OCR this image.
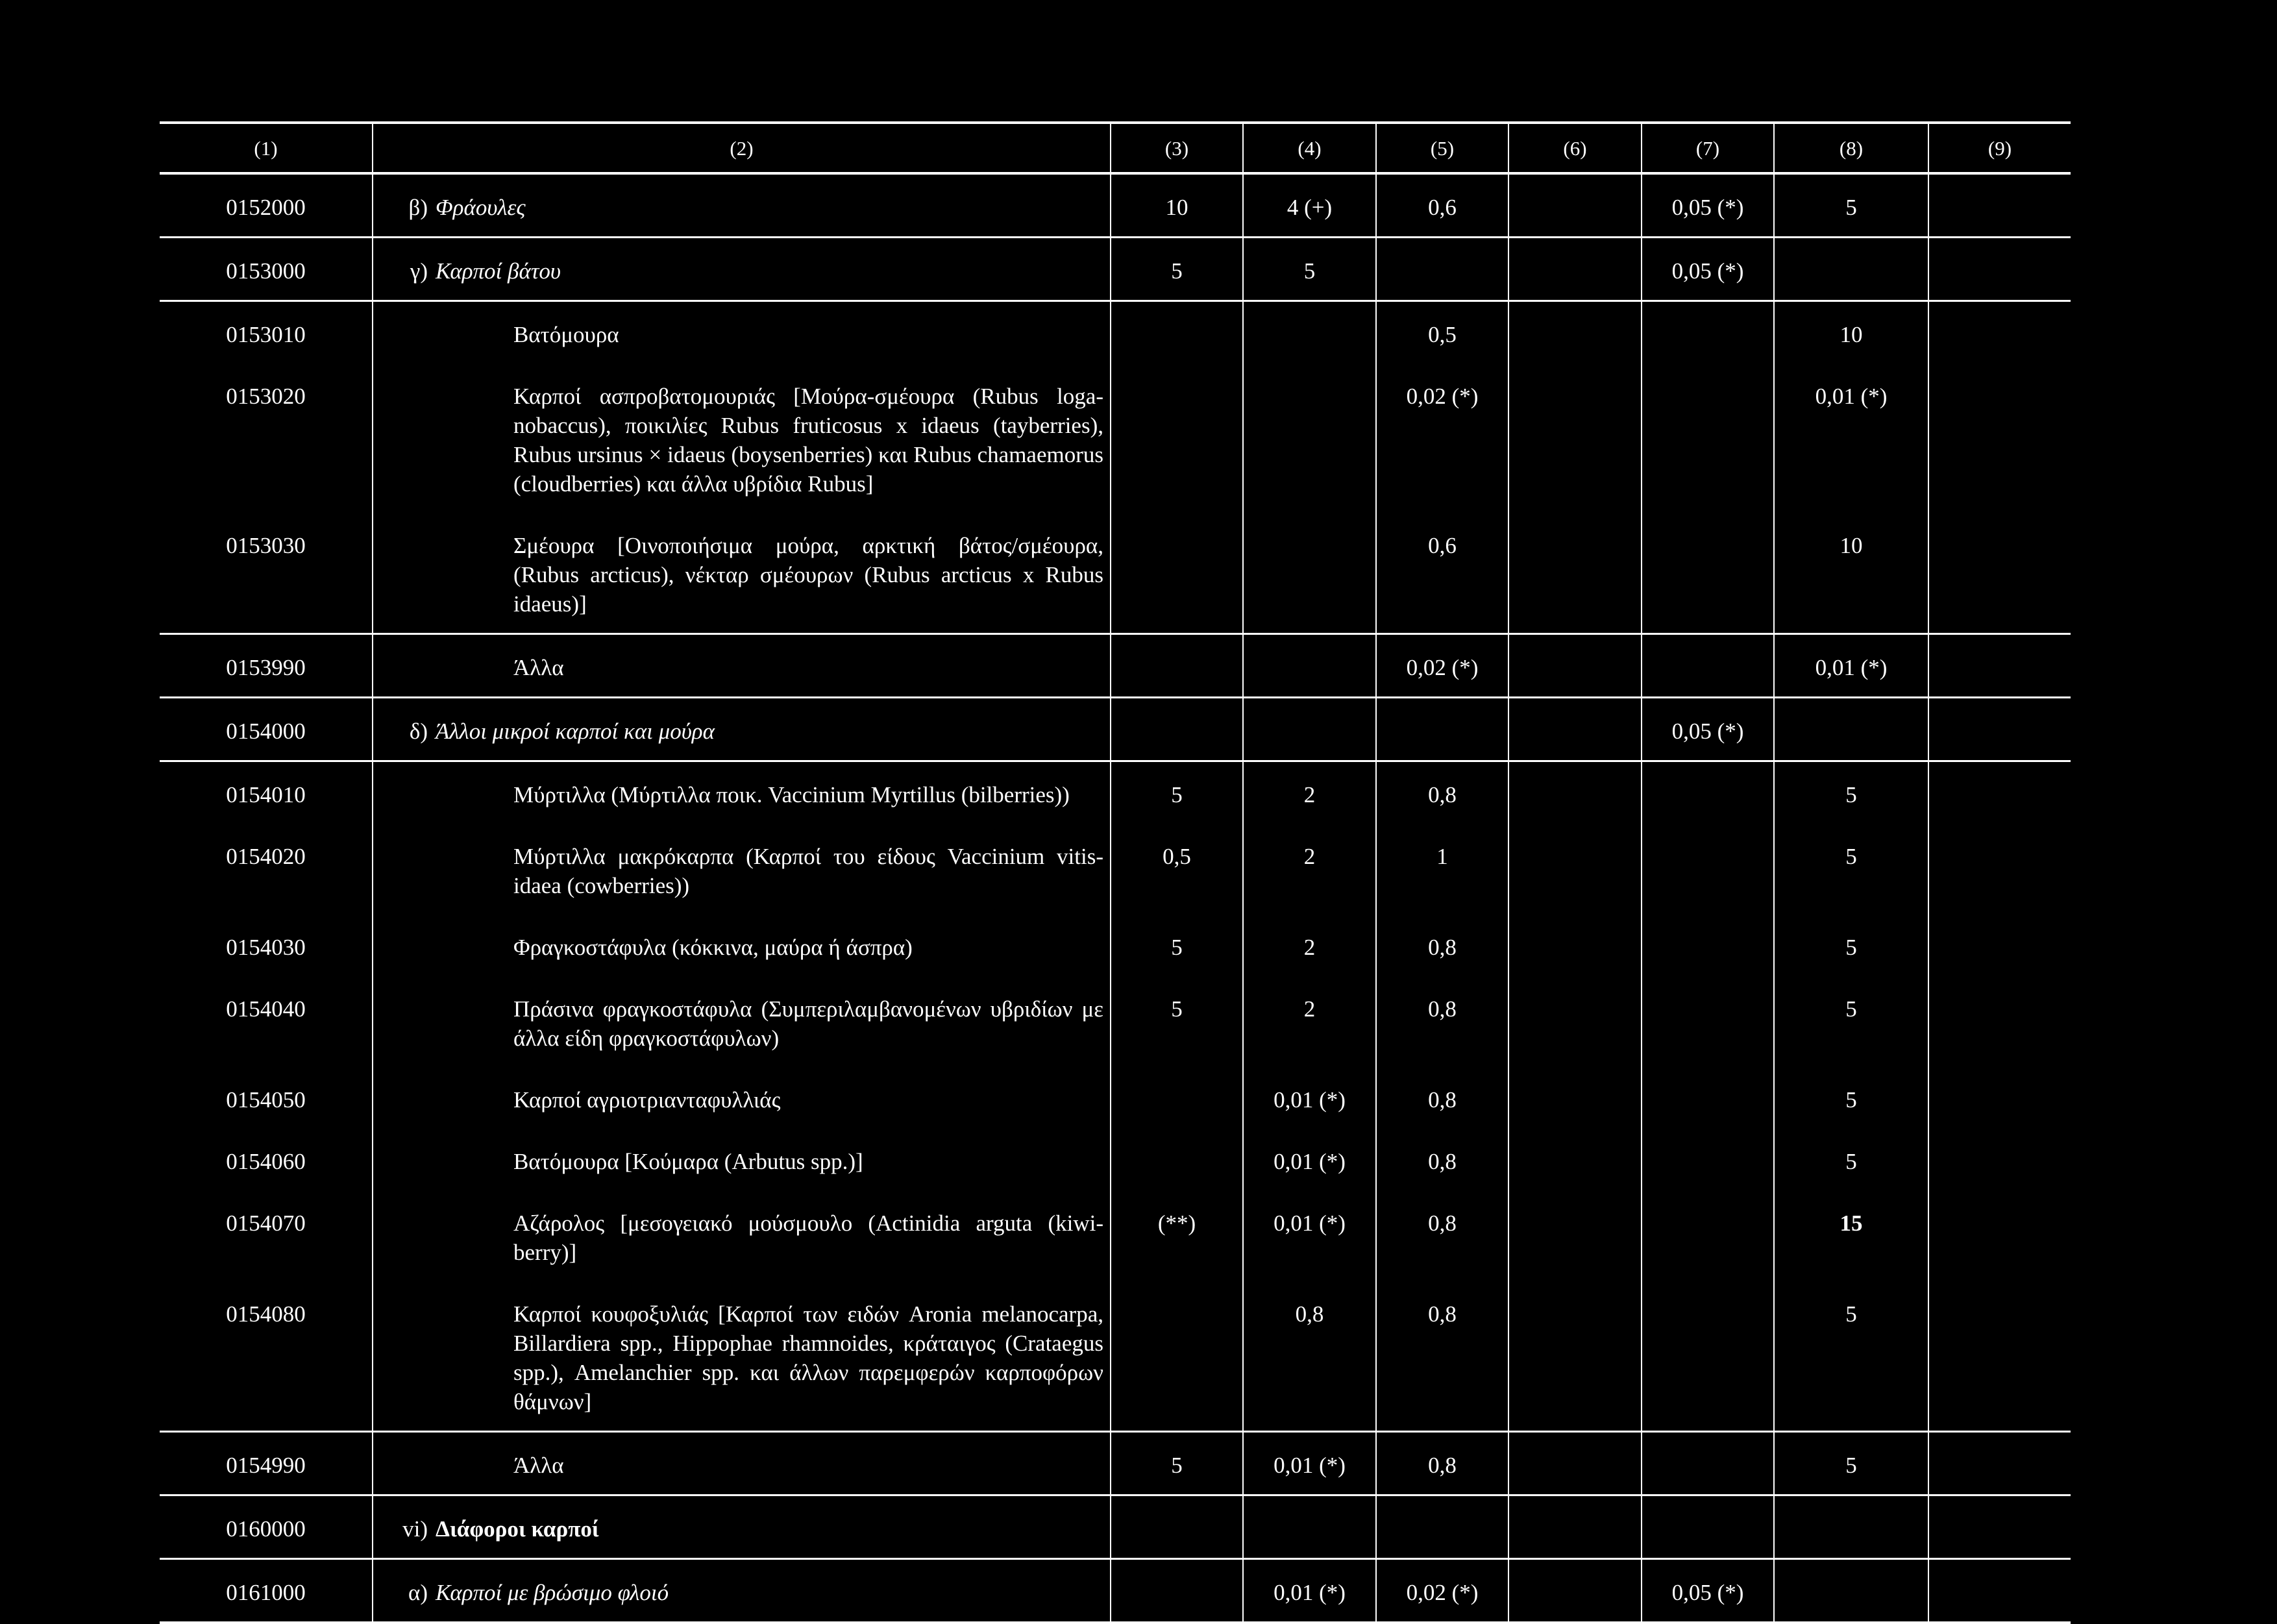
(1)	(2)	(3)	(4)	(5)	(6)	(7)	(8)	(9)
0152000	β) Φράουλες	10	4 (+)	0,6		0,05 (*)	5	
0153000	γ) Καρποί βάτου	5	5			0,05 (*)		
0153010	Βατόμουρα			0,5			10	
0153020	Καρποί ασπροβατομουριάς [Μούρα-σμέουρα (Rubus loganobaccus), ποικιλίες Rubus fruticosus x idaeus (tayberries), Rubus ursinus × idaeus (boysenberries) και Rubus chamaemorus (cloudberries) και άλλα υβρίδια Rubus]			0,02 (*)			0,01 (*)	
0153030	Σμέουρα [Οινοποιήσιμα μούρα, αρκτική βάτος/σμέουρα, (Rubus arcticus), νέκταρ σμέουρων (Rubus arcticus x Rubus idaeus)]			0,6			10	
0153990	Άλλα			0,02 (*)			0,01 (*)	
0154000	δ) Άλλοι μικροί καρποί και μούρα					0,05 (*)		
0154010	Μύρτιλλα (Μύρτιλλα ποικ. Vaccinium Myrtillus (bilberries))	5	2	0,8			5	
0154020	Μύρτιλλα μακρόκαρπα (Καρποί του είδους Vaccinium vitis-idaea (cowberries))	0,5	2	1			5	
0154030	Φραγκοστάφυλα (κόκκινα, μαύρα ή άσπρα)	5	2	0,8			5	
0154040	Πράσινα φραγκοστάφυλα (Συμπεριλαμβανομένων υβριδίων με άλλα είδη φραγκοστάφυλων)	5	2	0,8			5	
0154050	Καρποί αγριοτριανταφυλλιάς		0,01 (*)	0,8			5	
0154060	Βατόμουρα [Κούμαρα (Arbutus spp.)]		0,01 (*)	0,8			5	
0154070	Αζάρολος [μεσογειακό μούσμουλο (Actinidia arguta (kiwiberry)]	(**)	0,01 (*)	0,8			15	
0154080	Καρποί κουφοξυλιάς [Καρποί των ειδών Aronia melanocarpa, Billardiera spp., Hippophae rhamnoides, κράταιγος (Crataegus spp.), Amelanchier spp. και άλλων παρεμφερών καρποφόρων θάμνων]		0,8	0,8			5	
0154990	Άλλα	5	0,01 (*)	0,8			5	
0160000	vi) Διάφοροι καρποί							

0161000	α) Καρποί με βρώσιμο φλοιό		0,01 (*)	0,02 (*)		0,05 (*)		
